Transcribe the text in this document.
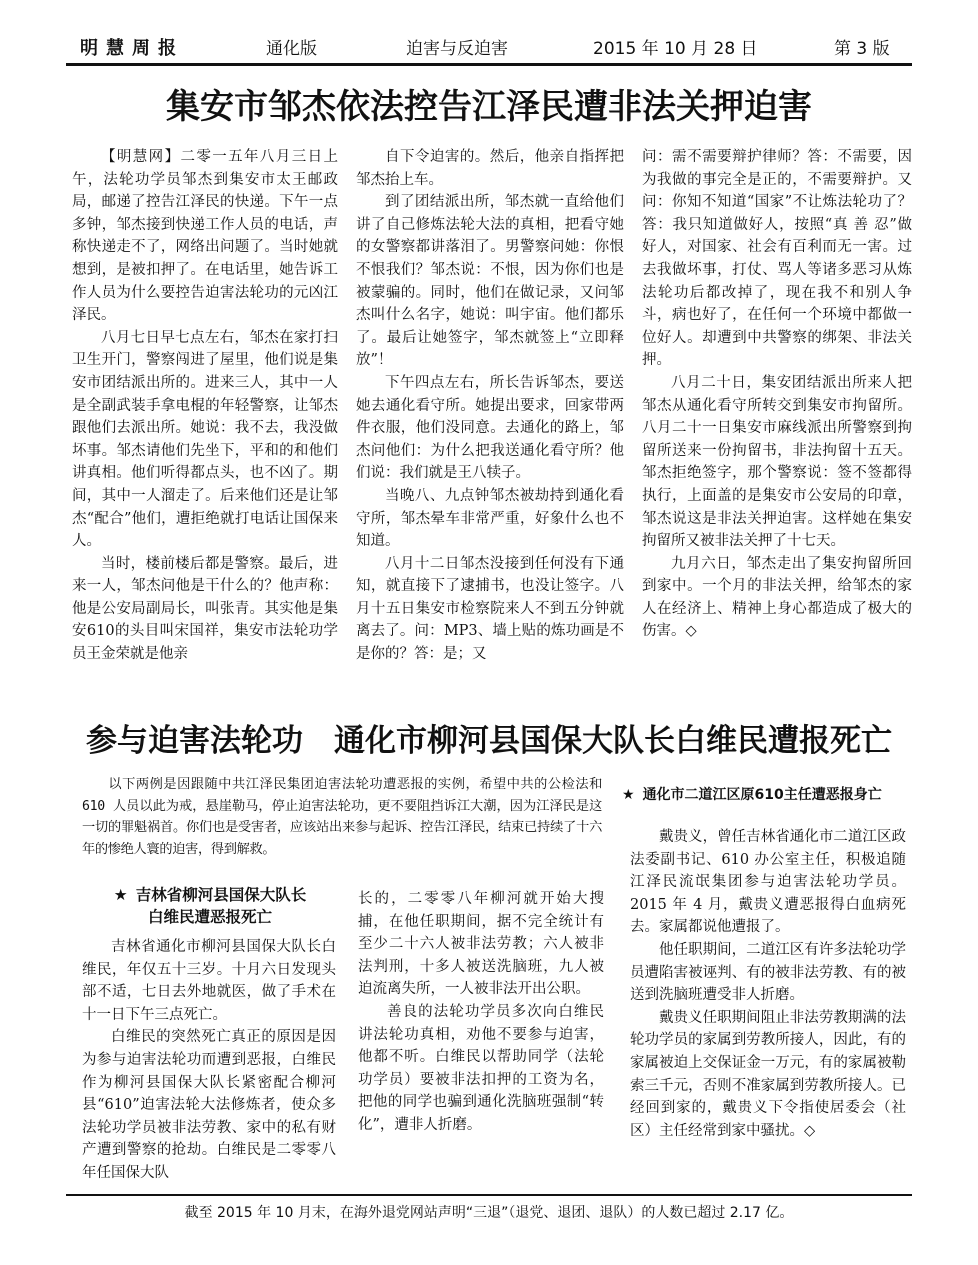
明慧周报	通化版	迫害与反迫害	2015 年 10 月 28 日	第 3 版
集安市邹杰依法控告江泽民遭非法关押迫害

【明慧网】二零一五年八月三日上午，法轮功学员邹杰到集安市太王邮政局，邮递了控告江泽民的快递。下午一点多钟，邹杰接到快递工作人员的电话，声称快递走不了，网络出问题了。当时她就想到，是被扣押了。在电话里，她告诉工作人员为什么要控告迫害法轮功的元凶江泽民。

八月七日早七点左右，邹杰在家打扫卫生开门，警察闯进了屋里，他们说是集安市团结派出所的。进来三人，其中一人是全副武装手拿电棍的年轻警察，让邹杰跟他们去派出所。她说：我不去，我没做坏事。邹杰请他们先坐下，平和的和他们讲真相。他们听得都点头，也不凶了。期间，其中一人溜走了。后来他们还是让邹杰“配合”他们，遭拒绝就打电话让国保来人。

当时，楼前楼后都是警察。最后，进来一人，邹杰问他是干什么的？他声称：他是公安局副局长，叫张青。其实他是集安610的头目叫宋国祥，集安市法轮功学员王金荣就是他亲

自下令迫害的。然后，他亲自指挥把邹杰抬上车。

到了团结派出所，邹杰就一直给他们讲了自己修炼法轮大法的真相，把看守她的女警察都讲落泪了。男警察问她：你恨不恨我们？邹杰说：不恨，因为你们也是被蒙骗的。同时，他们在做记录，又问邹杰叫什么名字，她说：叫宇宙。他们都乐了。最后让她签字，邹杰就签上“立即释放”！

下午四点左右，所长告诉邹杰，要送她去通化看守所。她提出要求，回家带两件衣服，他们没同意。去通化的路上，邹杰问他们：为什么把我送通化看守所？他们说：我们就是王八犊子。

当晚八、九点钟邹杰被劫持到通化看守所，邹杰晕车非常严重，好象什么也不知道。

八月十二日邹杰没接到任何没有下通知，就直接下了逮捕书，也没让签字。八月十五日集安市检察院来人不到五分钟就离去了。问：MP3、墙上贴的炼功画是不是你的？答：是；又

问：需不需要辩护律师？答：不需要，因为我做的事完全是正的，不需要辩护。又问：你知不知道“国家”不让炼法轮功了？答：我只知道做好人，按照“真 善 忍”做好人，对国家、社会有百利而无一害。过去我做坏事，打仗、骂人等诸多恶习从炼法轮功后都改掉了，现在我不和别人争斗，病也好了，在任何一个环境中都做一位好人。却遭到中共警察的绑架、非法关押。

八月二十日，集安团结派出所来人把邹杰从通化看守所转交到集安市拘留所。八月二十一日集安市麻线派出所警察到拘留所送来一份拘留书，非法拘留十五天。邹杰拒绝签字，那个警察说：签不签都得执行，上面盖的是集安市公安局的印章，邹杰说这是非法关押迫害。这样她在集安拘留所又被非法关押了十七天。

九月六日，邹杰走出了集安拘留所回到家中。一个月的非法关押，给邹杰的家人在经济上、精神上身心都造成了极大的伤害。◇

参与迫害法轮功　通化市柳河县国保大队长白维民遭报死亡

以下两例是因跟随中共江泽民集团迫害法轮功遭恶报的实例，希望中共的公检法和 610 人员以此为戒，悬崖勒马，停止迫害法轮功，更不要阻挡诉江大潮，因为江泽民是这一切的罪魁祸首。你们也是受害者，应该站出来参与起诉、控告江泽民，结束已持续了十六年的惨绝人寰的迫害，得到解救。

★ 吉林省柳河县国保大队长
白维民遭恶报死亡

吉林省通化市柳河县国保大队长白维民，年仅五十三岁。十月六日发现头部不适，七日去外地就医，做了手术在十一日下午三点死亡。

白维民的突然死亡真正的原因是因为参与迫害法轮功而遭到恶报，白维民作为柳河县国保大队长紧密配合柳河县“610”迫害法轮大法修炼者，使众多法轮功学员被非法劳教、家中的私有财产遭到警察的抢劫。白维民是二零零八年任国保大队

长的，二零零八年柳河就开始大搜捕，在他任职期间，据不完全统计有至少二十六人被非法劳教；六人被非法判刑，十多人被送洗脑班，九人被迫流离失所，一人被非法开出公职。

善良的法轮功学员多次向白维民讲法轮功真相，劝他不要参与迫害，他都不听。白维民以帮助同学（法轮功学员）要被非法扣押的工资为名，把他的同学也骗到通化洗脑班强制“转化”，遭非人折磨。

★ 通化市二道江区原610主任遭恶报身亡

戴贵义，曾任吉林省通化市二道江区政法委副书记、610 办公室主任，积极追随江泽民流氓集团参与迫害法轮功学员。2015 年 4 月，戴贵义遭恶报得白血病死去。家属都说他遭报了。

他任职期间，二道江区有许多法轮功学员遭陷害被诬判、有的被非法劳教、有的被送到洗脑班遭受非人折磨。

戴贵义任职期间阻止非法劳教期满的法轮功学员的家属到劳教所接人，因此，有的家属被迫上交保证金一万元，有的家属被勒索三千元，否则不准家属到劳教所接人。已经回到家的，戴贵义下令指使居委会（社区）主任经常到家中骚扰。◇

截至 2015 年 10 月末，在海外退党网站声明“三退”（退党、退团、退队）的人数已超过 2.17 亿。
